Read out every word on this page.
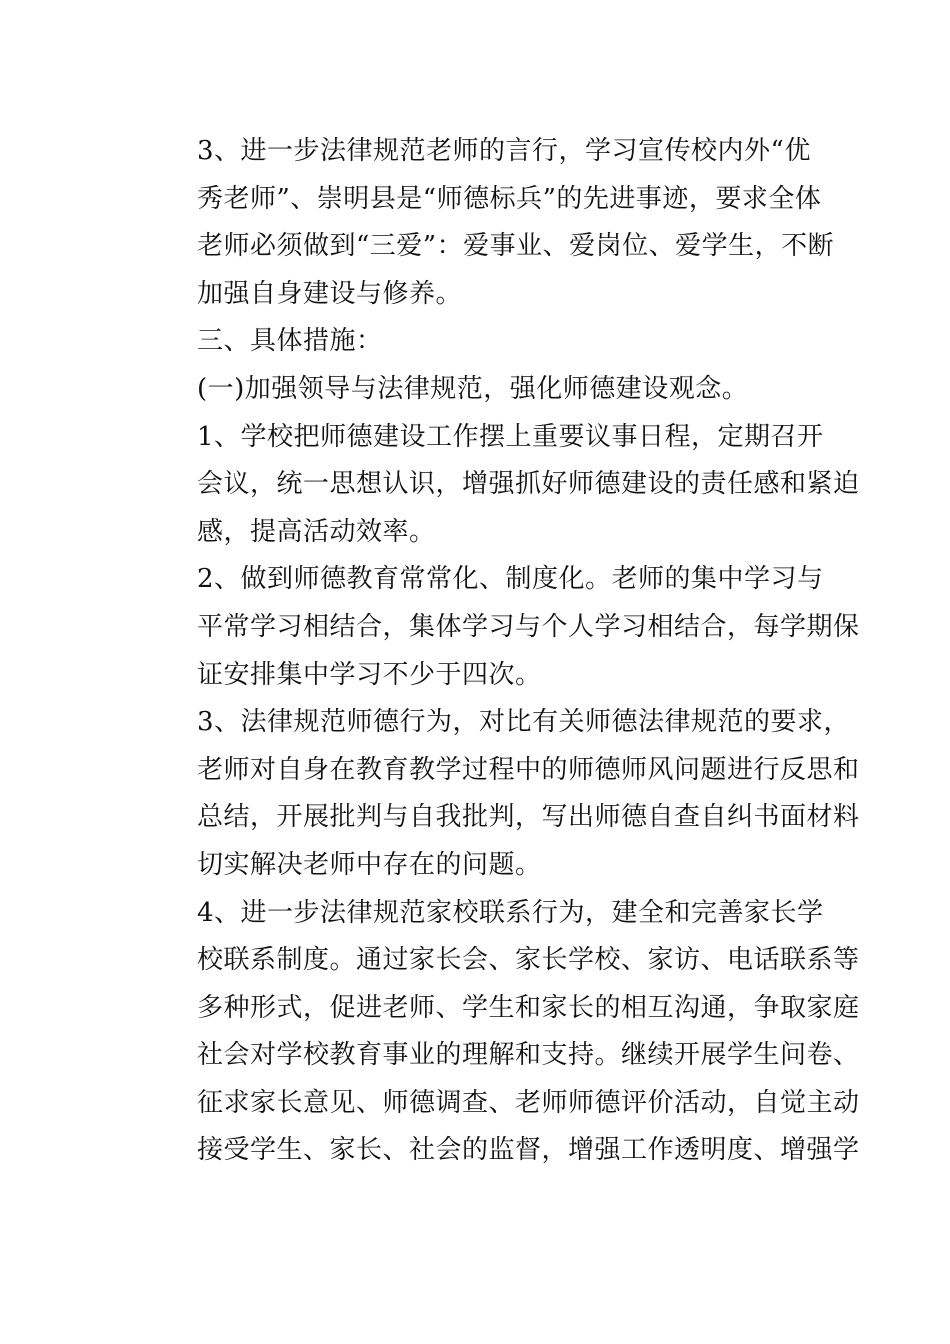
3、进一步法律规范老师的言行，学习宣传校内外“优
秀老师”、崇明县是“师德标兵”的先进事迹，要求全体
老师必须做到“三爱”：爱事业、爱岗位、爱学生，不断
加强自身建设与修养。

三、具体措施：

(一)加强领导与法律规范，强化师德建设观念。

1、学校把师德建设工作摆上重要议事日程，定期召开
会议，统一思想认识，增强抓好师德建设的责任感和紧迫
感，提高活动效率。

2、做到师德教育常常化、制度化。老师的集中学习与
平常学习相结合，集体学习与个人学习相结合，每学期保
证安排集中学习不少于四次。

3、法律规范师德行为，对比有关师德法律规范的要求，
老师对自身在教育教学过程中的师德师风问题进行反思和
总结，开展批判与自我批判，写出师德自查自纠书面材料
切实解决老师中存在的问题。

4、进一步法律规范家校联系行为，建全和完善家长学
校联系制度。通过家长会、家长学校、家访、电话联系等
多种形式，促进老师、学生和家长的相互沟通，争取家庭
社会对学校教育事业的理解和支持。继续开展学生问卷、
征求家长意见、师德调查、老师师德评价活动，自觉主动
接受学生、家长、社会的监督，增强工作透明度、增强学
